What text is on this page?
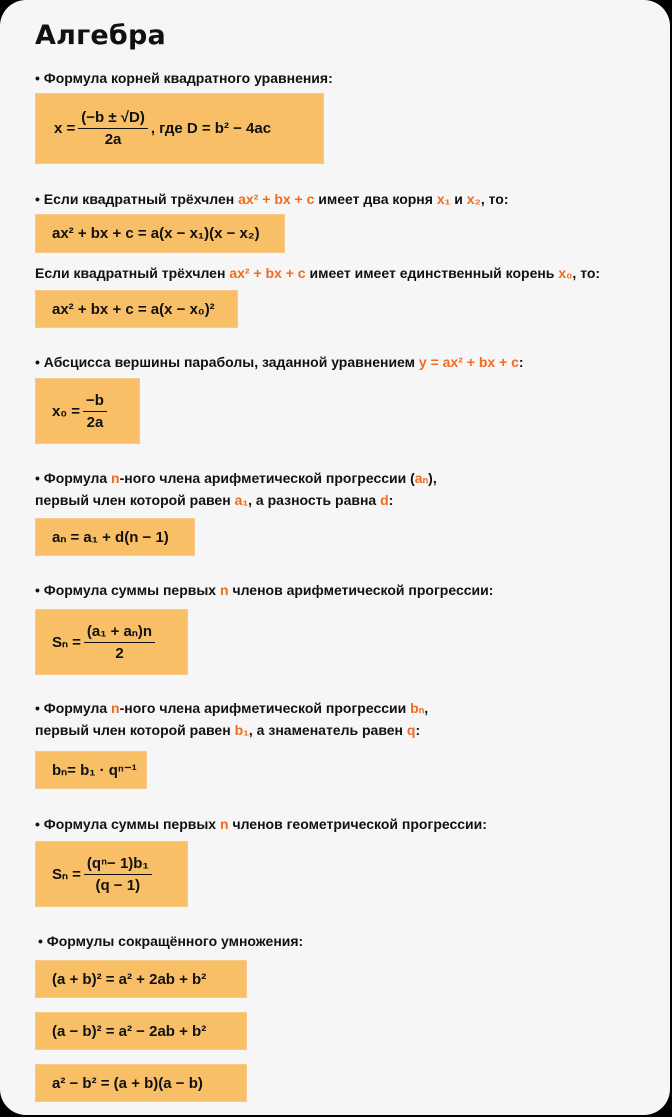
Алгебра
• Формула корней квадратного уравнения:
$x = \frac{(-b \pm √D)}{2a}$ , где D = b² − 4ac
• Если квадратный трёхчлен ax² + bx + c имеет два корня x₁ и x₂, то:
ax² + bx + c = a(x − x₁)(x − x₂)
Если квадратный трёхчлен ax² + bx + c имеет имеет единственный корень x₀, то:
ax² + bx + c = a(x − x₀)²
• Абсцисса вершины параболы, заданной уравнением y = ax² + bx + c:
$x_0 = \frac{-b}{2a}$
• Формула n-ного члена арифметической прогрессии (aₙ),
первый член которой равен a₁, а разность равна d:
aₙ = a₁ + d(n − 1)
• Формула суммы первых n членов арифметической прогрессии:
$S_n = \frac{\text{(a₁ + aₙ)n}}{2}$
• Формула n-ного члена арифметической прогрессии bₙ,
первый член которой равен b₁, а знаменатель равен q:
bₙ= b₁ · qⁿ⁻¹
• Формула суммы первых n членов геометрической прогрессии:
$S_n = \frac{\text{(qⁿ− 1)b₁}}{(q - 1)}$
• Формулы сокращённого умножения:
(a + b)² = a² + 2ab + b²
(a − b)² = a² − 2ab + b²
a² − b² = (a + b)(a − b)
